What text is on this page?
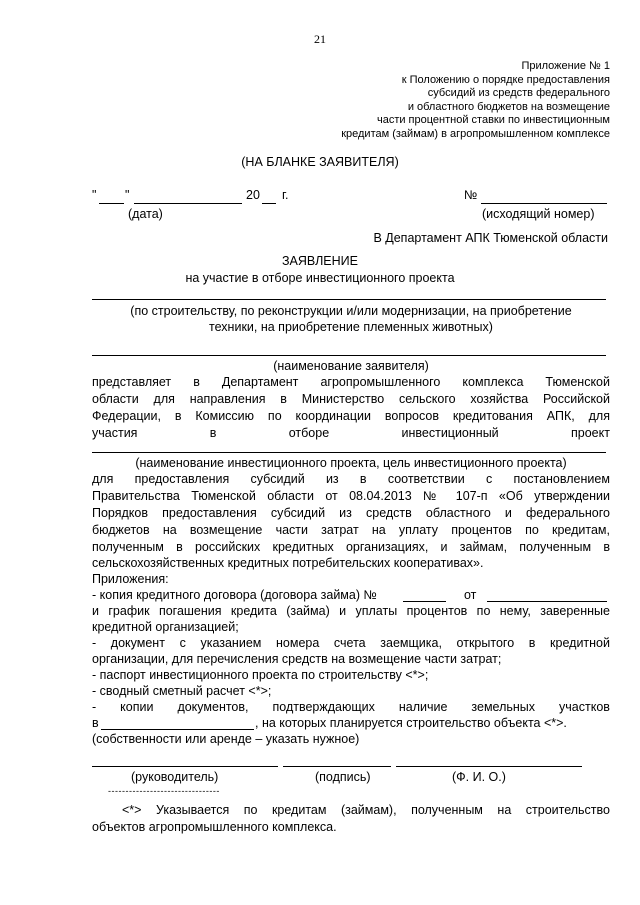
21
Приложение № 1
к Положению о порядке предоставления
субсидий из средств федерального
и областного бюджетов на возмещение
части процентной ставки по инвестиционным
кредитам (займам) в агропромышленном комплексе
(НА БЛАНКЕ ЗАЯВИТЕЛЯ)
" "	20 г.
(дата)
№
(исходящий номер)
В Департамент АПК Тюменской области
ЗАЯВЛЕНИЕ
на участие в отборе инвестиционного проекта
(по строительству, по реконструкции и/или модернизации, на приобретение
техники, на приобретение племенных животных)
(наименование заявителя)
представляет в Департамент агропромышленного комплекса Тюменской
области для направления в Министерство сельского хозяйства Российской
Федерации, в Комиссию по координации вопросов кредитования АПК, для
участия	в	отборе	инвестиционный	проект
(наименование инвестиционного проекта, цель инвестиционного проекта)
для предоставления субсидий из в соответствии с постановлением
Правительства Тюменской области от 08.04.2013 № 107-п «Об утверждении
Порядков предоставления субсидий из средств областного и федерального
бюджетов на возмещение части затрат на уплату процентов по кредитам,
полученным в российских кредитных организациях, и займам, полученным в
сельскохозяйственных кредитных потребительских кооперативах».
Приложения:
- копия кредитного договора (договора займа) №	от
и график погашения кредита (займа) и уплаты процентов по нему, заверенные
кредитной организацией;
- документ с указанием номера счета заемщика, открытого в кредитной
организации, для перечисления средств на возмещение части затрат;
- паспорт инвестиционного проекта по строительству <*>;
- сводный сметный расчет <*>;
- копии документов, подтверждающих наличие земельных участков
в	, на которых планируется строительство объекта <*>.
(собственности или аренде – указать нужное)
(руководитель)	(подпись)	(Ф. И. О.)
--------------------------------
<*> Указывается по кредитам (займам), полученным на строительство
объектов агропромышленного комплекса.
